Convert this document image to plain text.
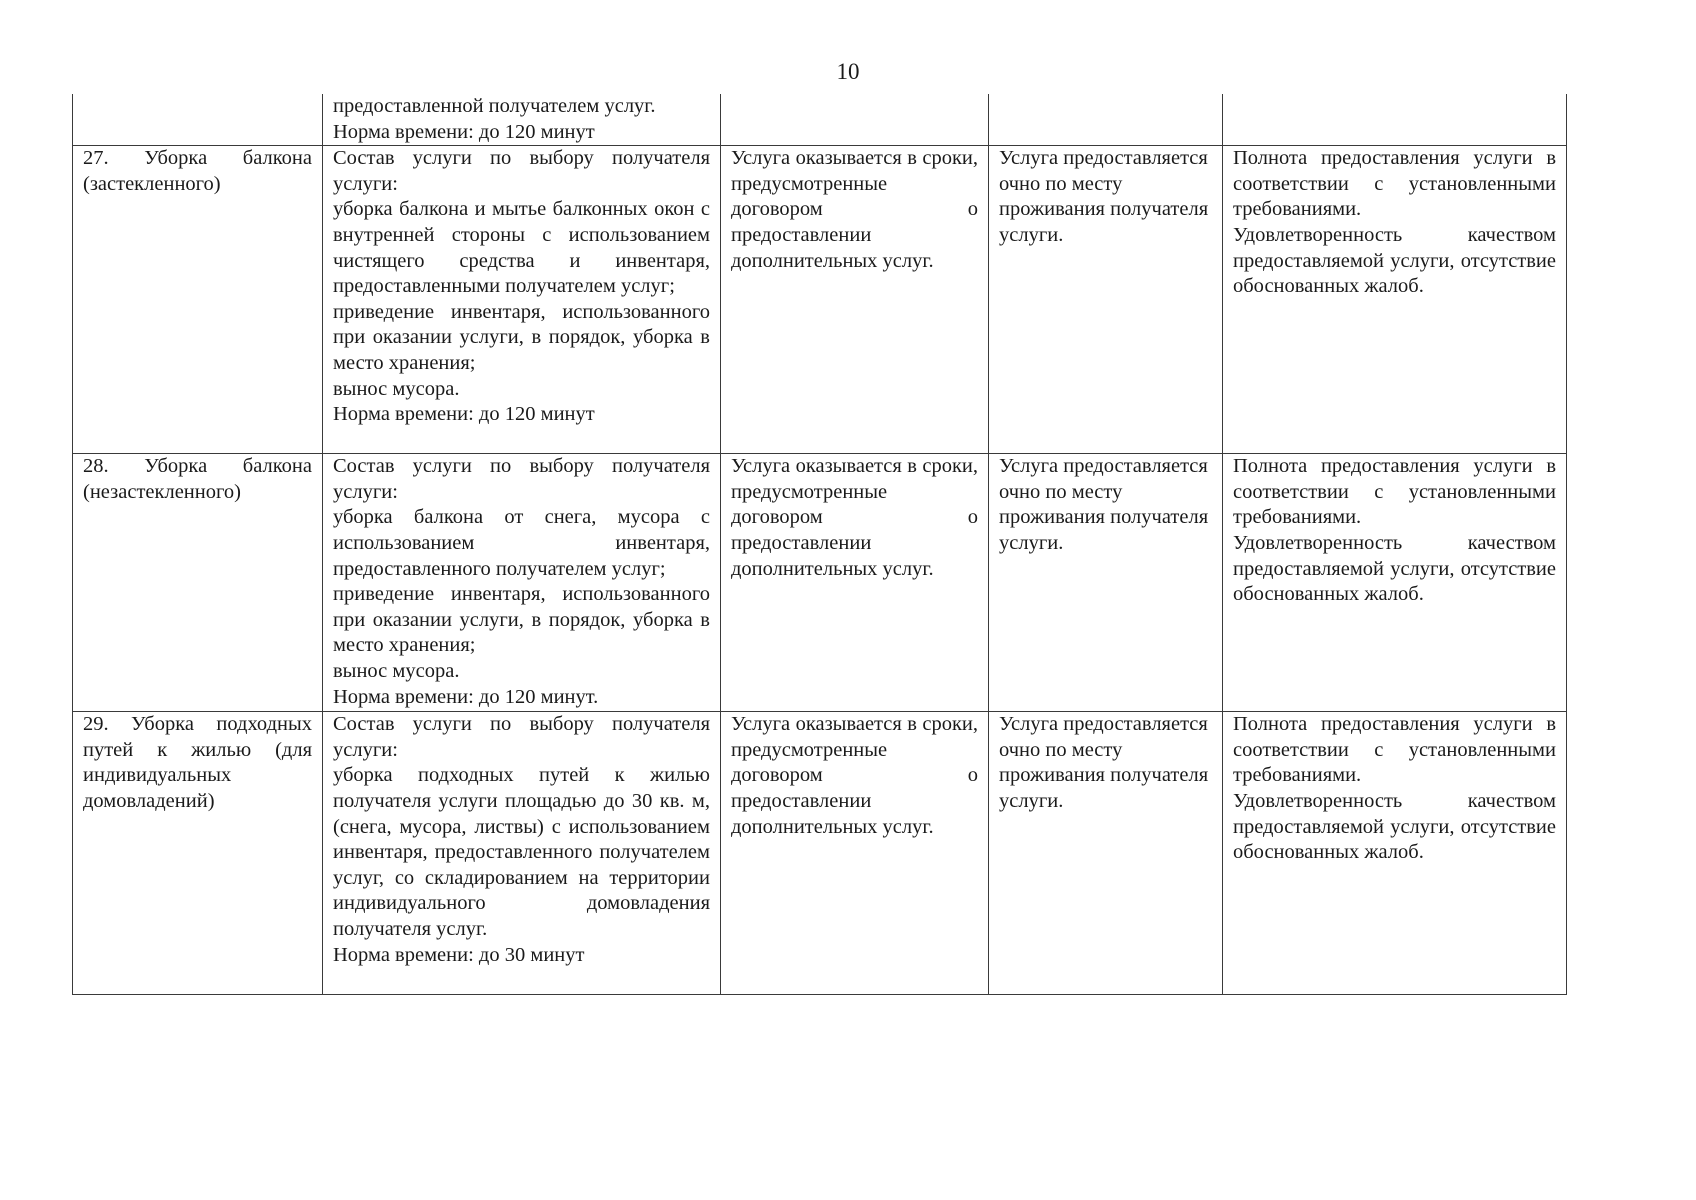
10

	предоставленной получателем услуг.
Норма времени: до 120 минут			

27. Уборка балкона (застекленного)	Состав услуги по выбору получателя услуги:
уборка балкона и мытье балконных окон с внутренней стороны с использованием чистящего средства и инвентаря, предоставленными получателем услуг;
приведение инвентаря, использованного при оказании услуги, в порядок, уборка в место хранения;
вынос мусора.
Норма времени: до 120 минут	Услуга оказывается в сроки, предусмотренные договором о предоставлении дополнительных услуг.	Услуга предоставляется очно по месту проживания получателя услуги.	Полнота предоставления услуги в соответствии с установленными требованиями.
Удовлетворенность качеством предоставляемой услуги, отсутствие обоснованных жалоб.

28. Уборка балкона (незастекленного)	Состав услуги по выбору получателя услуги:
уборка балкона от снега, мусора с использованием инвентаря, предоставленного получателем услуг;
приведение инвентаря, использованного при оказании услуги, в порядок, уборка в место хранения;
вынос мусора.
Норма времени: до 120 минут.	Услуга оказывается в сроки, предусмотренные договором о предоставлении дополнительных услуг.	Услуга предоставляется очно по месту проживания получателя услуги.	Полнота предоставления услуги в соответствии с установленными требованиями.
Удовлетворенность качеством предоставляемой услуги, отсутствие обоснованных жалоб.

29. Уборка подходных путей к жилью (для индивидуальных домовладений)	Состав услуги по выбору получателя услуги:
уборка подходных путей к жилью получателя услуги площадью до 30 кв. м, (снега, мусора, листвы) с использованием инвентаря, предоставленного получателем услуг, со складированием на территории индивидуального домовладения получателя услуг.
Норма времени: до 30 минут	Услуга оказывается в сроки, предусмотренные договором о предоставлении дополнительных услуг.	Услуга предоставляется очно по месту проживания получателя услуги.	Полнота предоставления услуги в соответствии с установленными требованиями.
Удовлетворенность качеством предоставляемой услуги, отсутствие обоснованных жалоб.
